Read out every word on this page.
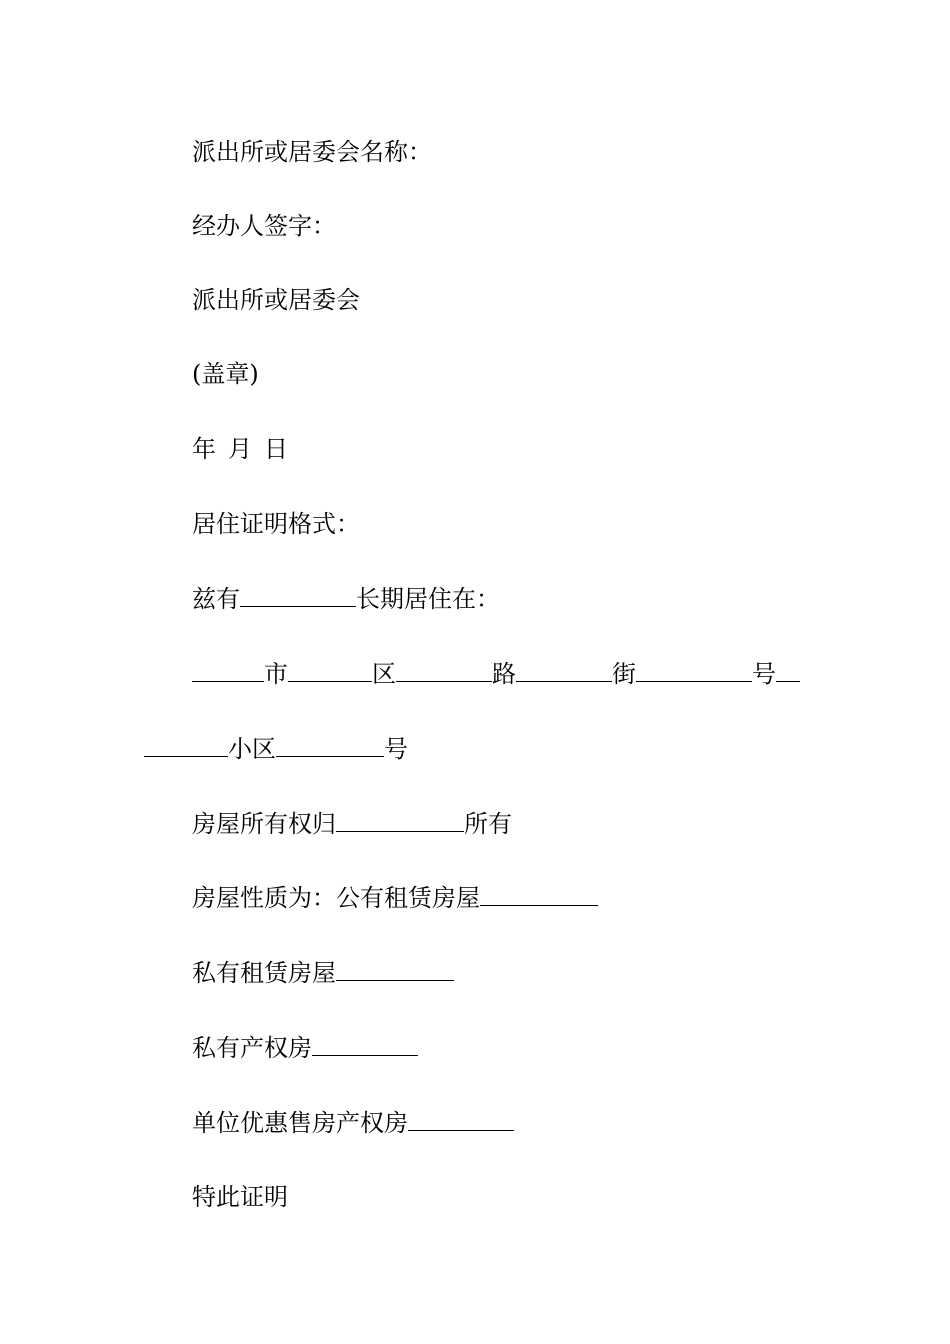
派出所或居委会名称：
经办人签字：
派出所或居委会
(盖章)
年 月 日
居住证明格式：
兹有	长期居住在：
市	区	路	街	号
小区	号
房屋所有权归	所有
房屋性质为：公有租赁房屋
私有租赁房屋
私有产权房
单位优惠售房产权房
特此证明
